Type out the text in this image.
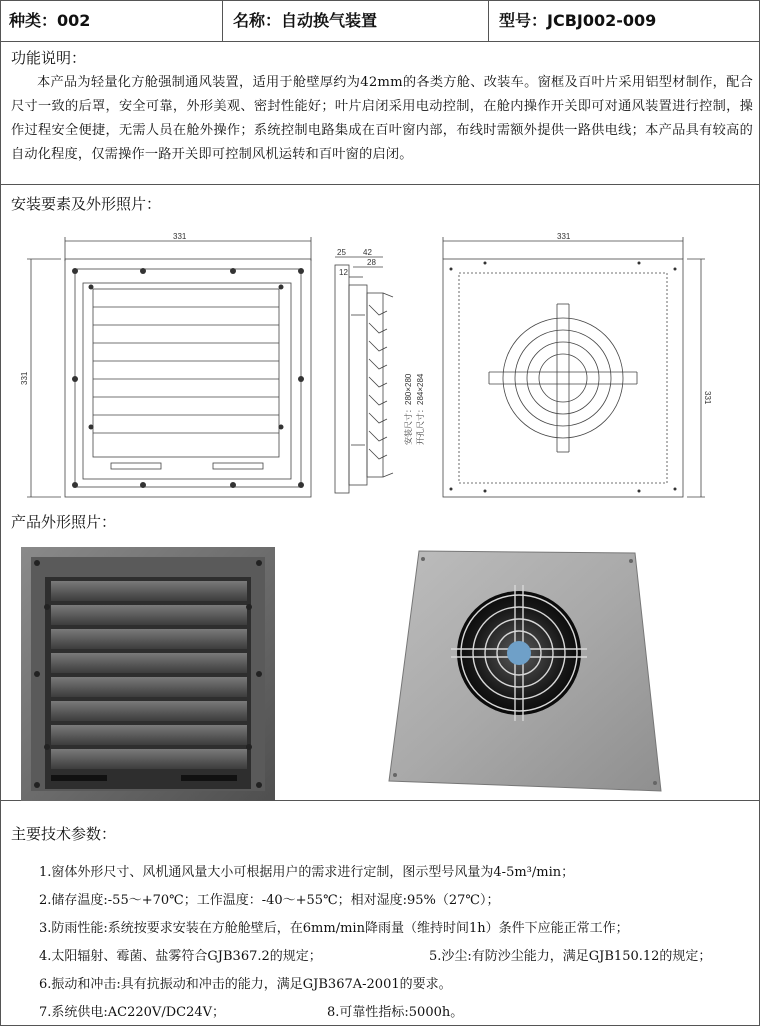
种类：002	名称：自动换气装置	型号：JCBJ002-009
功能说明：

本产品为轻量化方舱强制通风装置，适用于舱壁厚约为42mm的各类方舱、改装车。窗框及百叶片采用铝型材制作，配合尺寸一致的后罩，安全可靠，外形美观、密封性能好；叶片启闭采用电动控制，在舱内操作开关即可对通风装置进行控制，操作过程安全便捷，无需人员在舱外操作；系统控制电路集成在百叶窗内部，布线时需额外提供一路供电线；本产品具有较高的自动化程度，仅需操作一路开关即可控制风机运转和百叶窗的启闭。

安装要素及外形照片：
331
331
25 42
28
12
安装尺寸：280×280 开孔尺寸：284×284
331
331
产品外形照片：
主要技术参数：
1.窗体外形尺寸、风机通风量大小可根据用户的需求进行定制，图示型号风量为4-5m³/min；
2.储存温度:-55～+70℃；工作温度：-40～+55℃；相对湿度:95%（27℃）；
3.防雨性能:系统按要求安装在方舱舱壁后，在6mm/min降雨量（维持时间1h）条件下应能正常工作；
4.太阳辐射、霉菌、盐雾符合GJB367.2的规定；	5.沙尘:有防沙尘能力，满足GJB150.12的规定；
6.振动和冲击:具有抗振动和冲击的能力，满足GJB367A-2001的要求。
7.系统供电:AC220V/DC24V；	8.可靠性指标:5000h。
